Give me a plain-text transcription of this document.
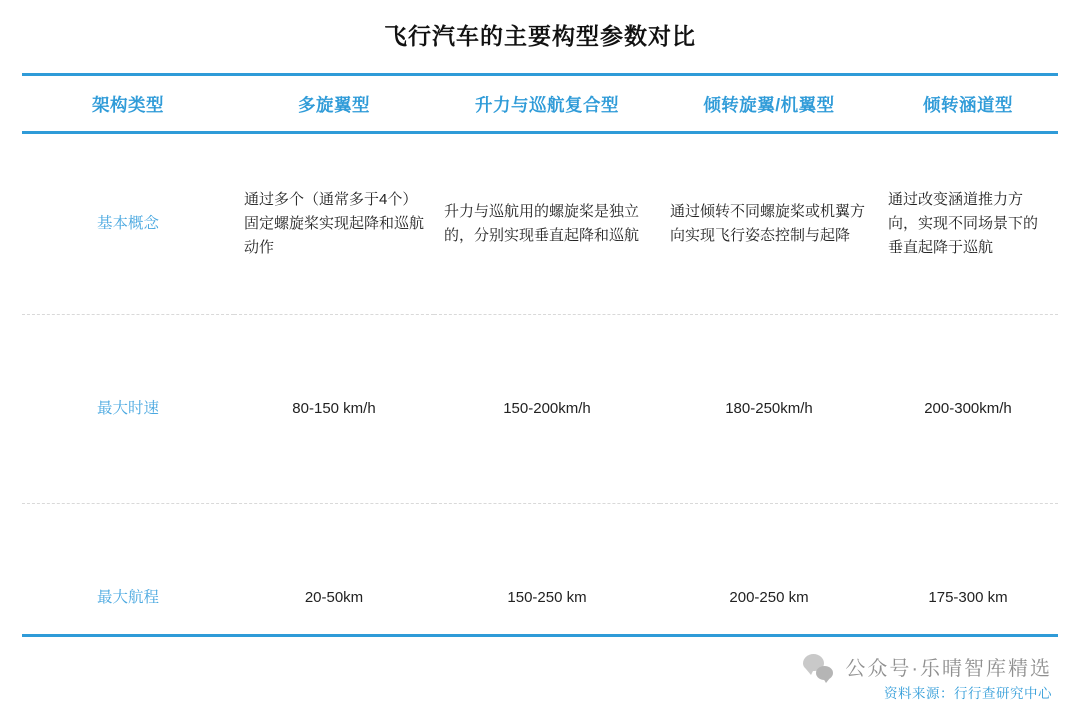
飞行汽车的主要构型参数对比
架构类型	多旋翼型	升力与巡航复合型	倾转旋翼/机翼型	倾转涵道型
基本概念	通过多个（通常多于4个）固定螺旋桨实现起降和巡航动作	升力与巡航用的螺旋桨是独立的，分别实现垂直起降和巡航	通过倾转不同螺旋桨或机翼方向实现飞行姿态控制与起降	通过改变涵道推力方向，实现不同场景下的垂直起降于巡航
最大时速	80-150 km/h	150-200km/h	180-250km/h	200-300km/h
最大航程	20-50km	150-250 km	200-250 km	175-300 km
公众号·乐晴智库精选
资料来源：行行查研究中心
